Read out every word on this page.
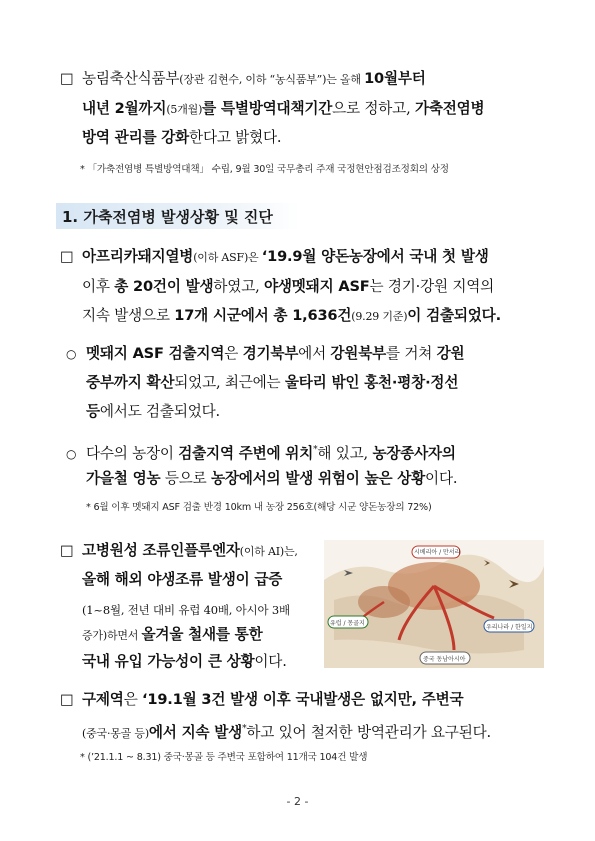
□ 농림축산식품부(장관 김현수, 이하 “농식품부”)는 올해 10월부터
내년 2월까지(5개월)를 특별방역대책기간으로 정하고, 가축전염병
방역 관리를 강화한다고 밝혔다.
* 「가축전염병 특별방역대책」 수립, 9월 30일 국무총리 주재 국정현안점검조정회의 상정
1. 가축전염병 발생상황 및 진단
□ 아프리카돼지열병(이하 ASF)은 ‘19.9월 양돈농장에서 국내 첫 발생
이후 총 20건이 발생하였고, 야생멧돼지 ASF는 경기·강원 지역의
지속 발생으로 17개 시군에서 총 1,636건(9.29 기준)이 검출되었다.
○ 멧돼지 ASF 검출지역은 경기북부에서 강원북부를 거쳐 강원
중부까지 확산되었고, 최근에는 울타리 밖인 홍천·평창·정선
등에서도 검출되었다.
○ 다수의 농장이 검출지역 주변에 위치*해 있고, 농장종사자의
가을철 영농 등으로 농장에서의 발생 위험이 높은 상황이다.
* 6월 이후 멧돼지 ASF 검출 반경 10km 내 농장 256호(해당 시군 양돈농장의 72%)
□ 고병원성 조류인플루엔자(이하 AI)는,
올해 해외 야생조류 발생이 급증
(1~8월, 전년 대비 유럽 40배, 아시아 3배
증가)하면서 올겨울 철새를 통한
국내 유입 가능성이 큰 상황이다.
시베리아 / 만서리
유럽 / 몽골지
우리나라 / 한일지
중국 동남아시아
□ 구제역은 ‘19.1월 3건 발생 이후 국내발생은 없지만, 주변국
(중국·몽골 등)에서 지속 발생*하고 있어 철저한 방역관리가 요구된다.
* (’21.1.1 ~ 8.31) 중국·몽골 등 주변국 포함하여 11개국 104건 발생
- 2 -
